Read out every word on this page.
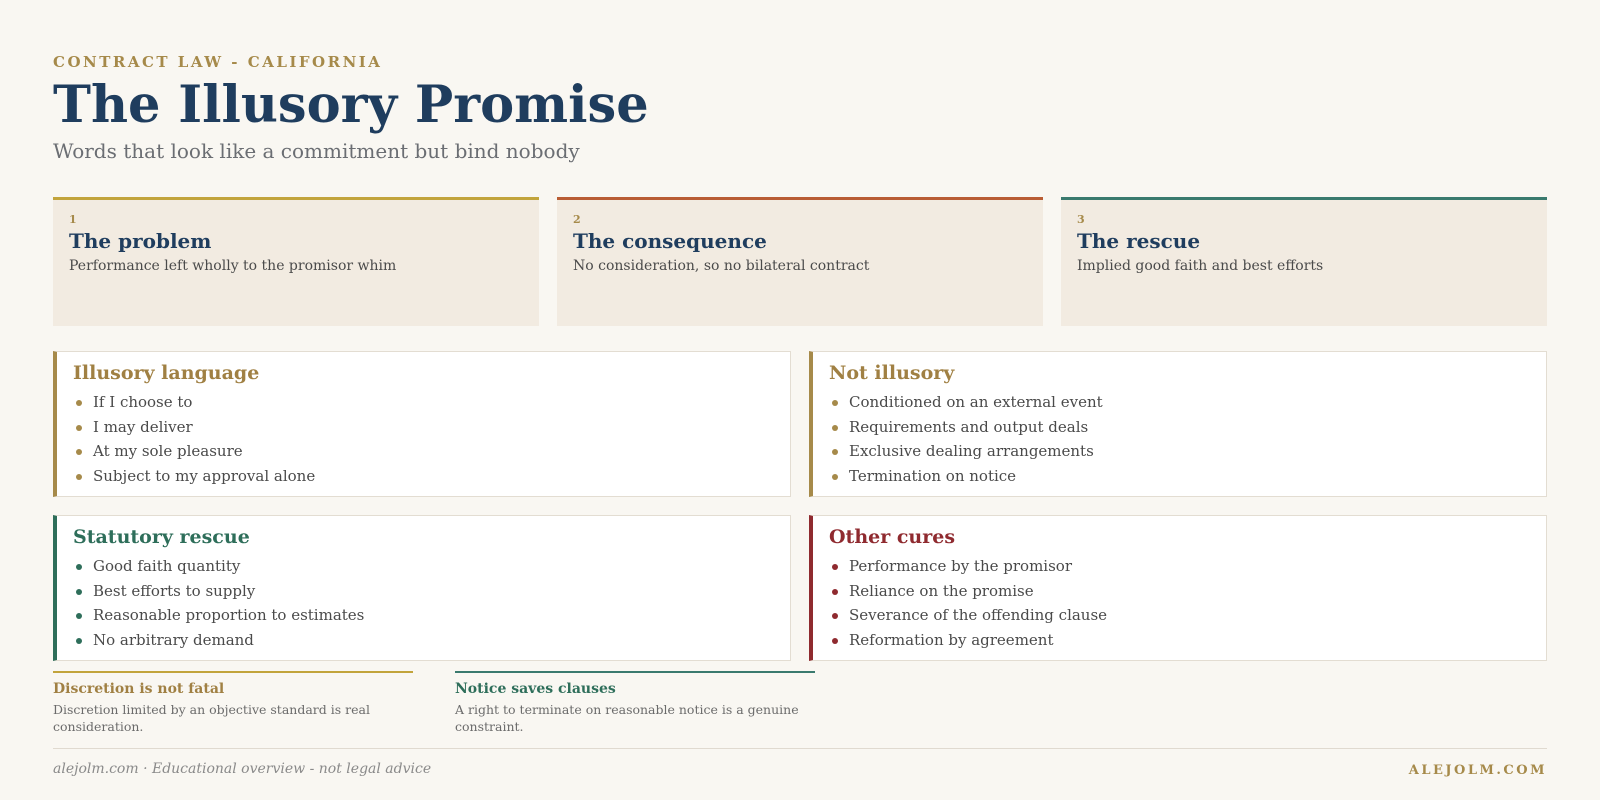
CONTRACT LAW - CALIFORNIA
The Illusory Promise
Words that look like a commitment but bind nobody
1
The problem
Performance left wholly to the promisor whim
2
The consequence
No consideration, so no bilateral contract
3
The rescue
Implied good faith and best efforts
Illusory language
If I choose to
I may deliver
At my sole pleasure
Subject to my approval alone
Not illusory
Conditioned on an external event
Requirements and output deals
Exclusive dealing arrangements
Termination on notice
Statutory rescue
Good faith quantity
Best efforts to supply
Reasonable proportion to estimates
No arbitrary demand
Other cures
Performance by the promisor
Reliance on the promise
Severance of the offending clause
Reformation by agreement
Discretion is not fatal
Discretion limited by an objective standard is real consideration.
Notice saves clauses
A right to terminate on reasonable notice is a genuine constraint.
alejolm.com · Educational overview - not legal advice	ALEJOLM.COM
